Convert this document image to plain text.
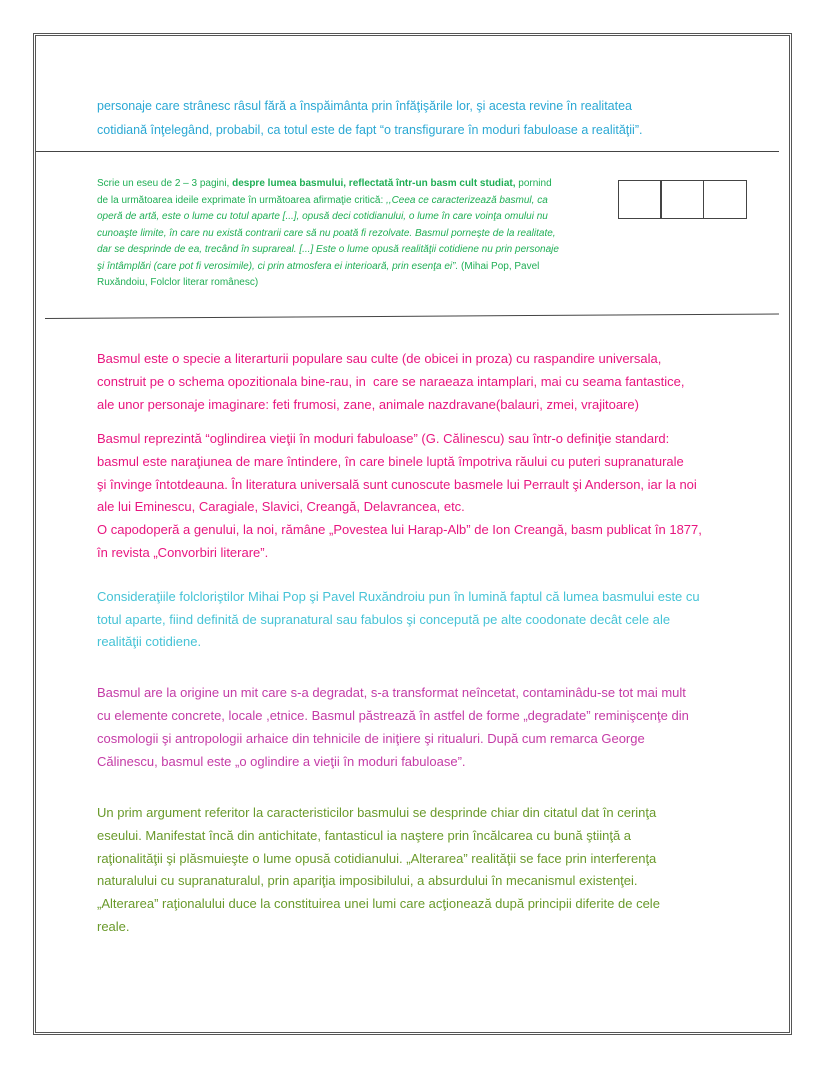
personaje care strânesc râsul fără a înspăimânta prin înfăţişările lor, şi acesta revine în realitatea
cotidiană înţelegând, probabil, ca totul este de fapt “o transfigurare în moduri fabuloase a realităţii”.

Scrie un eseu de 2 – 3 pagini, despre lumea basmului, reflectată într-un basm cult studiat, pornind
de la următoarea ideile exprimate în următoarea afirmaţie critică: ,,Ceea ce caracterizează basmul, ca
operă de artă, este o lume cu totul aparte [...], opusă deci cotidianului, o lume în care voinţa omului nu
cunoaşte limite, în care nu există contrarii care să nu poată fi rezolvate. Basmul porneşte de la realitate,
dar se desprinde de ea, trecând în suprareal. [...] Este o lume opusă realităţii cotidiene nu prin personaje
şi întâmplări (care pot fi verosimile), ci prin atmosfera ei interioară, prin esenţa ei”. (Mihai Pop, Pavel
Ruxăndoiu, Folclor literar românesc)

Basmul este o specie a literarturii populare sau culte (de obicei in proza) cu raspandire universala,
construit pe o schema opozitionala bine-rau, in  care se naraeaza intamplari, mai cu seama fantastice,
ale unor personaje imaginare: feti frumosi, zane, animale nazdravane(balauri, zmei, vrajitoare)

Basmul reprezintă “oglindirea vieţii în moduri fabuloase” (G. Călinescu) sau într-o definiţie standard:
basmul este naraţiunea de mare întindere, în care binele luptă împotriva răului cu puteri supranaturale
şi învinge întotdeauna. În literatura universală sunt cunoscute basmele lui Perrault şi Anderson, iar la noi
ale lui Eminescu, Caragiale, Slavici, Creangă, Delavrancea, etc.
O capodoperă a genului, la noi, rămâne „Povestea lui Harap-Alb” de Ion Creangă, basm publicat în 1877,
în revista „Convorbiri literare”.

Consideraţiile folcloriştilor Mihai Pop şi Pavel Ruxăndroiu pun în lumină faptul că lumea basmului este cu
totul aparte, fiind definită de supranatural sau fabulos şi concepută pe alte coodonate decât cele ale
realităţii cotidiene.

Basmul are la origine un mit care s-a degradat, s-a transformat neîncetat, contaminâdu-se tot mai mult
cu elemente concrete, locale ,etnice. Basmul păstrează în astfel de forme „degradate” reminişcenţe din
cosmologii şi antropologii arhaice din tehnicile de iniţiere şi ritualuri. După cum remarca George
Călinescu, basmul este „o oglindire a vieţii în moduri fabuloase”.

Un prim argument referitor la caracteristicilor basmului se desprinde chiar din citatul dat în cerinţa
eseului. Manifestat încă din antichitate, fantasticul ia naştere prin încălcarea cu bună ştiinţă a
raţionalităţii şi plăsmuieşte o lume opusă cotidianului. „Alterarea” realităţii se face prin interferenţa
naturalului cu supranaturalul, prin apariţia imposibilului, a absurdului în mecanismul existenţei.
„Alterarea” raţionalului duce la constituirea unei lumi care acţionează după principii diferite de cele
reale.
